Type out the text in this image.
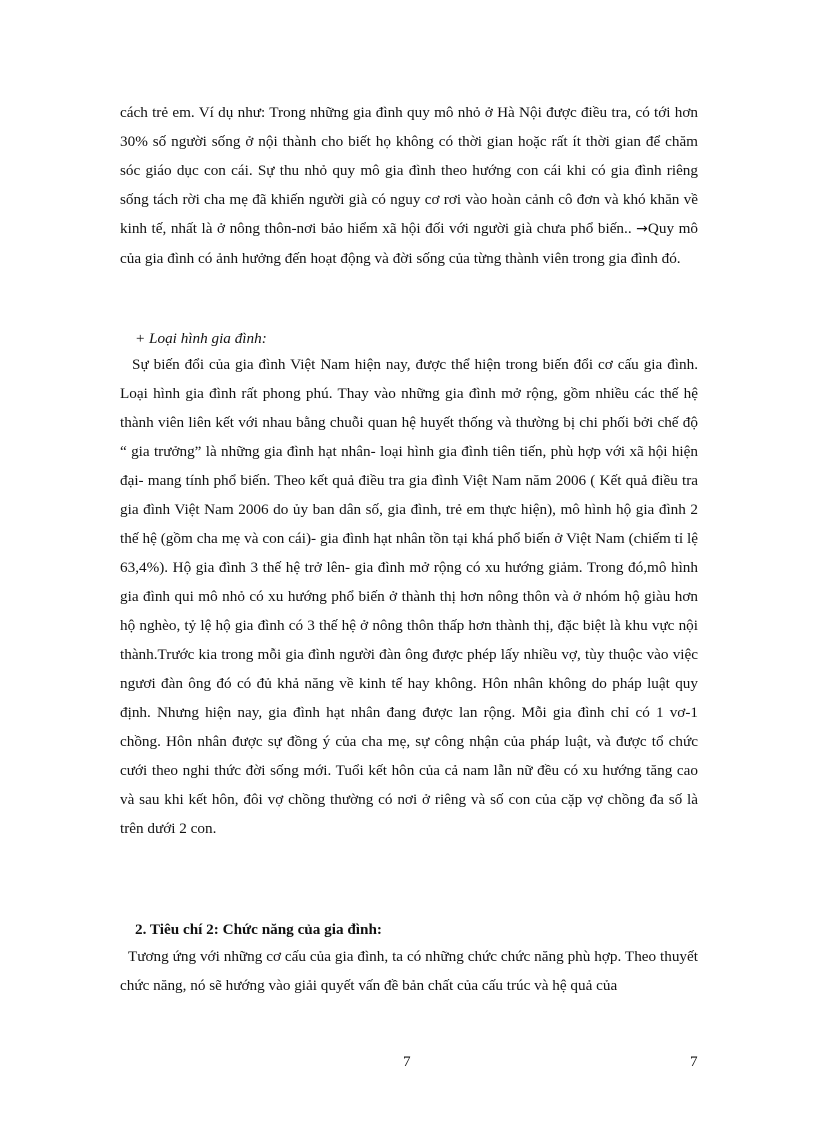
cách trẻ em. Ví dụ như: Trong những gia đình quy mô nhỏ ở Hà Nội được điều tra, có tới hơn 30% số người sống ở nội thành cho biết họ không có thời gian hoặc rất ít thời gian để chăm sóc giáo dục con cái. Sự thu nhỏ quy mô gia đình theo hướng con cái khi có gia đình riêng sống tách rời cha mẹ đã khiến người già có nguy cơ rơi vào hoàn cảnh cô đơn và khó khăn về kinh tế, nhất là ở nông thôn-nơi bảo hiểm xã hội đối với người già chưa phổ biến.. →Quy mô của gia đình có ảnh hưởng đến hoạt động và đời sống của từng thành viên trong gia đình đó.

+ Loại hình gia đình:

Sự biến đổi của gia đình Việt Nam hiện nay, được thể hiện trong biến đổi cơ cấu gia đình. Loại hình gia đình rất phong phú. Thay vào những gia đình mở rộng, gồm nhiều các thế hệ thành viên liên kết với nhau bằng chuỗi quan hệ huyết thống và thường bị chi phối bởi chế độ “ gia trưởng” là những gia đình hạt nhân- loại hình gia đình tiên tiến, phù hợp với xã hội hiện đại- mang tính phổ biến. Theo kết quả điều tra gia đình Việt Nam năm 2006 ( Kết quả điều tra gia đình Việt Nam 2006 do ủy ban dân số, gia đình, trẻ em thực hiện), mô hình hộ gia đình 2 thế hệ (gồm cha mẹ và con cái)- gia đình hạt nhân tồn tại khá phổ biến ở Việt Nam (chiếm tỉ lệ 63,4%). Hộ gia đình 3 thế hệ trở lên- gia đình mở rộng có xu hướng giảm. Trong đó,mô hình gia đình qui mô nhỏ có xu hướng phổ biến ở thành thị hơn nông thôn và ở nhóm hộ giàu hơn hộ nghèo, tỷ lệ hộ gia đình có 3 thế hệ ở nông thôn thấp hơn thành thị, đặc biệt là khu vực nội thành.Trước kia trong mỗi gia đình người đàn ông được phép lấy nhiều vợ, tùy thuộc vào việc ngươi đàn ông đó có đủ khả năng về kinh tế hay không. Hôn nhân không do pháp luật quy định. Nhưng hiện nay, gia đình hạt nhân đang được lan rộng. Mỗi gia đình chỉ có 1 vơ-1 chồng. Hôn nhân được sự đồng ý của cha mẹ, sự công nhận của pháp luật, và được tổ chức cưới theo nghi thức đời sống mới. Tuổi kết hôn của cả nam lẫn nữ đều có xu hướng tăng cao và sau khi kết hôn, đôi vợ chồng thường có nơi ở riêng và số con của cặp vợ chồng đa số là trên dưới 2 con.

2. Tiêu chí 2: Chức năng của gia đình:

Tương ứng với những cơ cấu của gia đình, ta có những chức chức năng phù hợp. Theo thuyết chức năng, nó sẽ hướng vào giải quyết vấn đề bản chất của cấu trúc và hệ quả của

7	7
